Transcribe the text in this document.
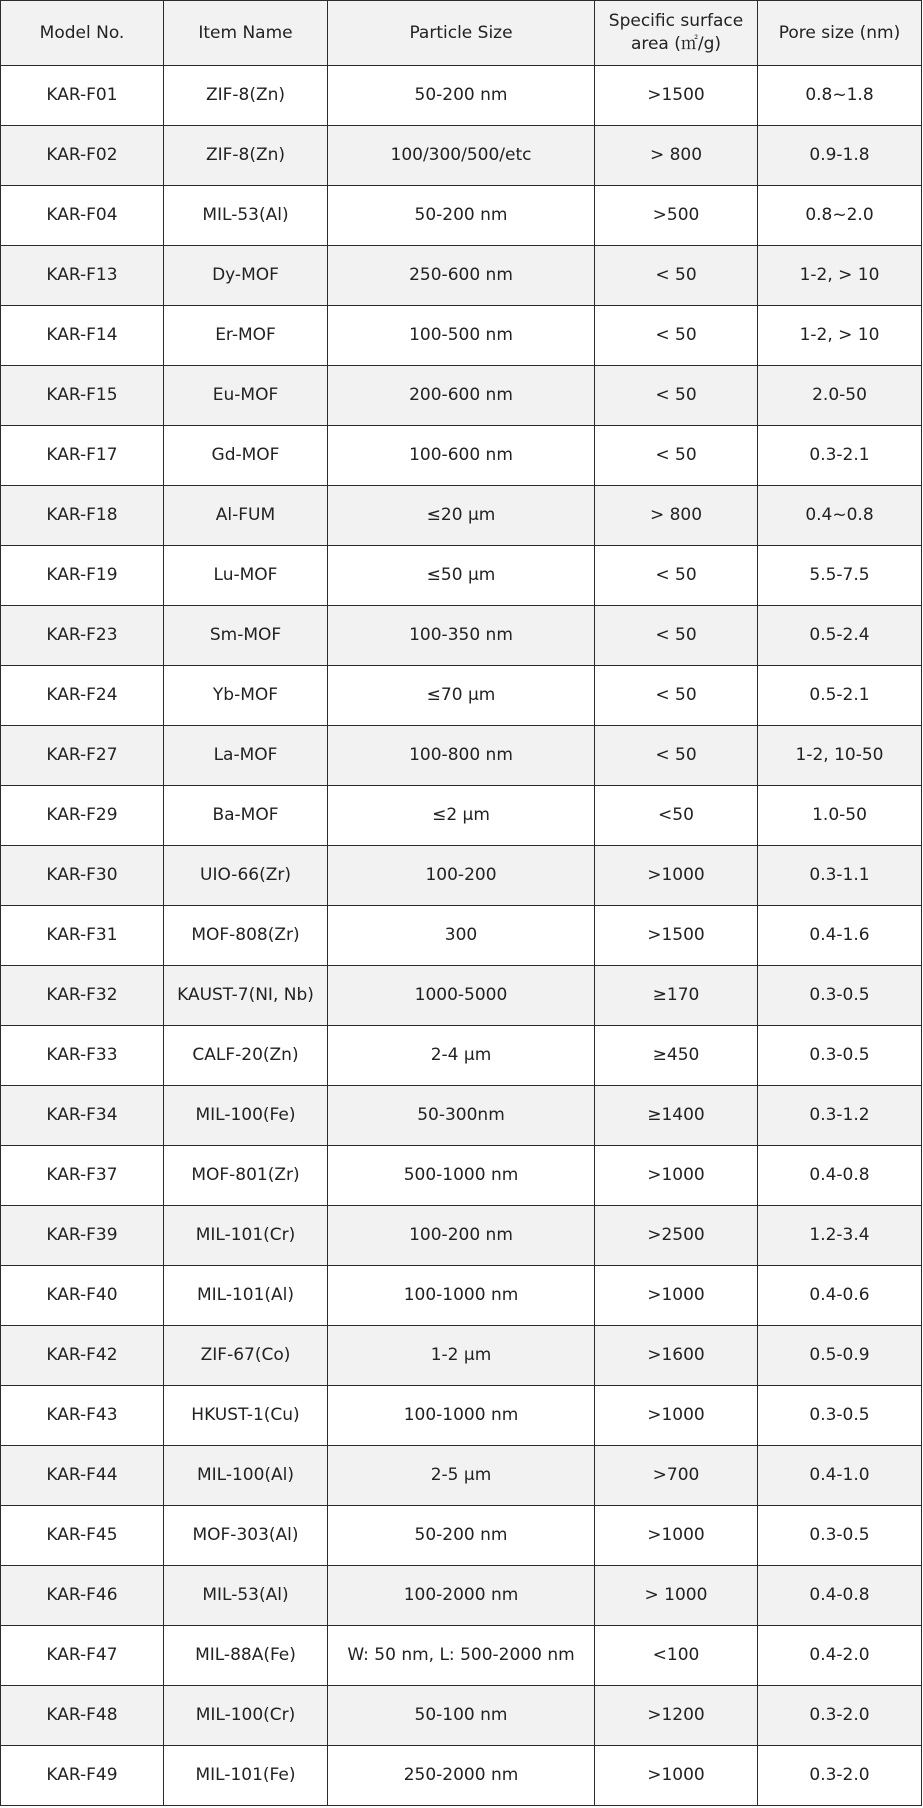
Model No.	Item Name	Particle Size	Specific surface area (㎡/g)	Pore size (nm)
KAR-F01	ZIF-8(Zn)	50-200 nm	>1500	0.8~1.8
KAR-F02	ZIF-8(Zn)	100/300/500/etc	> 800	0.9-1.8
KAR-F04	MIL-53(Al)	50-200 nm	>500	0.8~2.0
KAR-F13	Dy-MOF	250-600 nm	< 50	1-2, > 10
KAR-F14	Er-MOF	100-500 nm	< 50	1-2, > 10
KAR-F15	Eu-MOF	200-600 nm	< 50	2.0-50
KAR-F17	Gd-MOF	100-600 nm	< 50	0.3-2.1
KAR-F18	Al-FUM	≤20 μm	> 800	0.4~0.8
KAR-F19	Lu-MOF	≤50 μm	< 50	5.5-7.5
KAR-F23	Sm-MOF	100-350 nm	< 50	0.5-2.4
KAR-F24	Yb-MOF	≤70 μm	< 50	0.5-2.1
KAR-F27	La-MOF	100-800 nm	< 50	1-2, 10-50
KAR-F29	Ba-MOF	≤2 μm	<50	1.0-50
KAR-F30	UIO-66(Zr)	100-200	>1000	0.3-1.1
KAR-F31	MOF-808(Zr)	300	>1500	0.4-1.6
KAR-F32	KAUST-7(NI, Nb)	1000-5000	≥170	0.3-0.5
KAR-F33	CALF-20(Zn)	2-4 μm	≥450	0.3-0.5
KAR-F34	MIL-100(Fe)	50-300nm	≥1400	0.3-1.2
KAR-F37	MOF-801(Zr)	500-1000 nm	>1000	0.4-0.8
KAR-F39	MIL-101(Cr)	100-200 nm	>2500	1.2-3.4
KAR-F40	MIL-101(Al)	100-1000 nm	>1000	0.4-0.6
KAR-F42	ZIF-67(Co)	1-2 μm	>1600	0.5-0.9
KAR-F43	HKUST-1(Cu)	100-1000 nm	>1000	0.3-0.5
KAR-F44	MIL-100(Al)	2-5 μm	>700	0.4-1.0
KAR-F45	MOF-303(Al)	50-200 nm	>1000	0.3-0.5
KAR-F46	MIL-53(Al)	100-2000 nm	> 1000	0.4-0.8
KAR-F47	MIL-88A(Fe)	W: 50 nm, L: 500-2000 nm	<100	0.4-2.0
KAR-F48	MIL-100(Cr)	50-100 nm	>1200	0.3-2.0
KAR-F49	MIL-101(Fe)	250-2000 nm	>1000	0.3-2.0
